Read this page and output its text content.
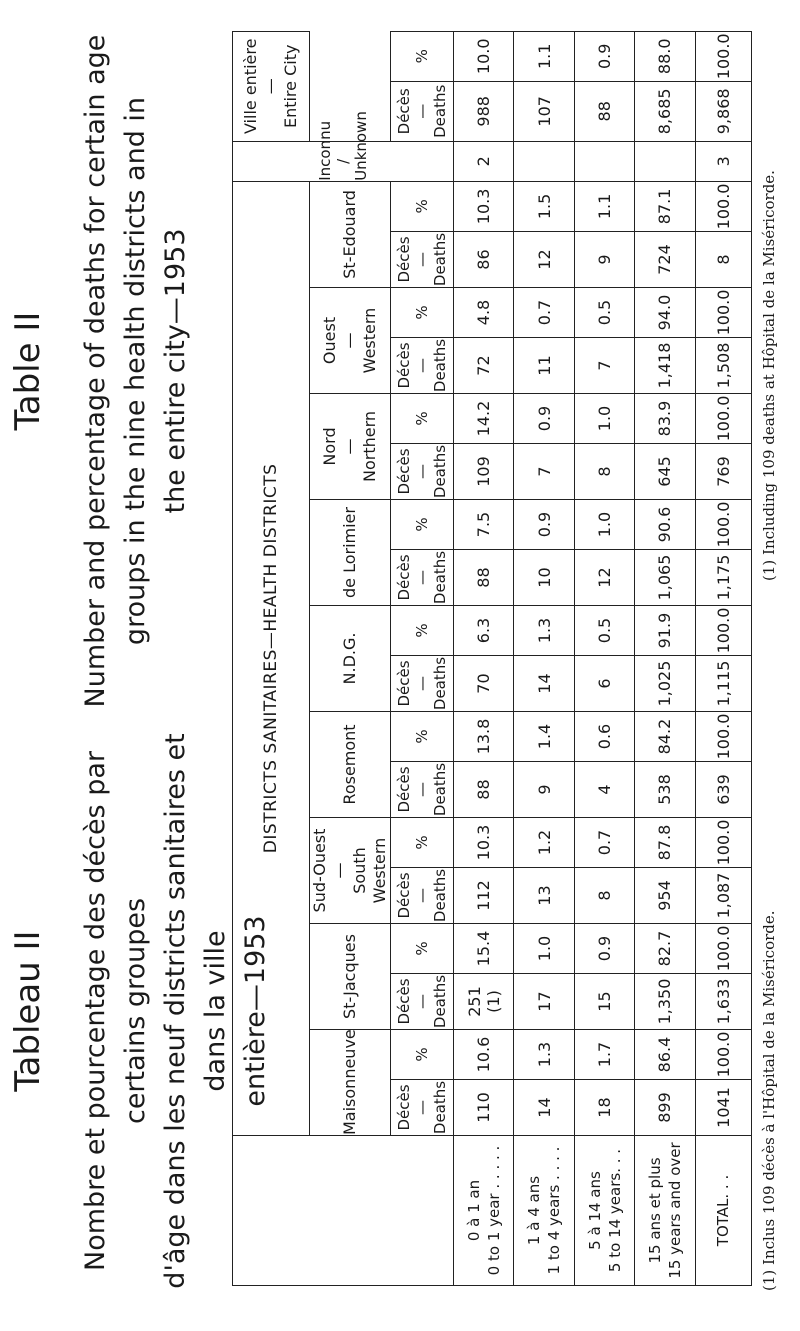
Tableau II Nombre et pourcentage des décès par certains groupes d'âge dans les neuf districts sanitaires et dans la ville entière—1953

Table II Number and percentage of deaths for certain age groups in the nine health districts and in the entire city—1953

	DISTRICTS SANITAIRES—HEALTH DISTRICTS																		Inconnu / Unknown	Ville entière
—
Entire City	
	Maisonneuve		St-Jacques		Sud-Ouest
—
South Western		Rosemont		N.D.G.		de Lorimier		Nord
—
Northern		Ouest
—
Western		St-Edouard				
	Décès
—
Deaths	%	Décès
—
Deaths	%	Décès
—
Deaths	%	Décès
—
Deaths	%	Décès
—
Deaths	%	Décès
—
Deaths	%	Décès
—
Deaths	%	Décès
—
Deaths	%	Décès
—
Deaths	%		Décès
—
Deaths	%
0 à 1 an 0 to 1 year . . . . .	110	10.6	251 (1)	15.4	112	10.3	88	13.8	70	6.3	88	7.5	109	14.2	72	4.8	86	10.3	2	988	10.0
1 à 4 ans 1 to 4 years . . . .	14	1.3	17	1.0	13	1.2	9	1.4	14	1.3	10	0.9	7	0.9	11	0.7	12	1.5		107	1.1
5 à 14 ans 5 to 14 years. . .	18	1.7	15	0.9	8	0.7	4	0.6	6	0.5	12	1.0	8	1.0	7	0.5	9	1.1		88	0.9
15 ans et plus 15 years and over	899	86.4	1,350	82.7	954	87.8	538	84.2	1,025	91.9	1,065	90.6	645	83.9	1,418	94.0	724	87.1		8,685	88.0
TOTAL. . .	1041	100.0	1,633	100.0	1,087	100.0	639	100.0	1,115	100.0	1,175	100.0	769	100.0	1,508	100.0	8	100.0	3	9,868	100.0
(1) Inclus 109 décès à l'Hôpital de la Miséricorde.
(1) Including 109 deaths at Hôpital de la Miséricorde.
